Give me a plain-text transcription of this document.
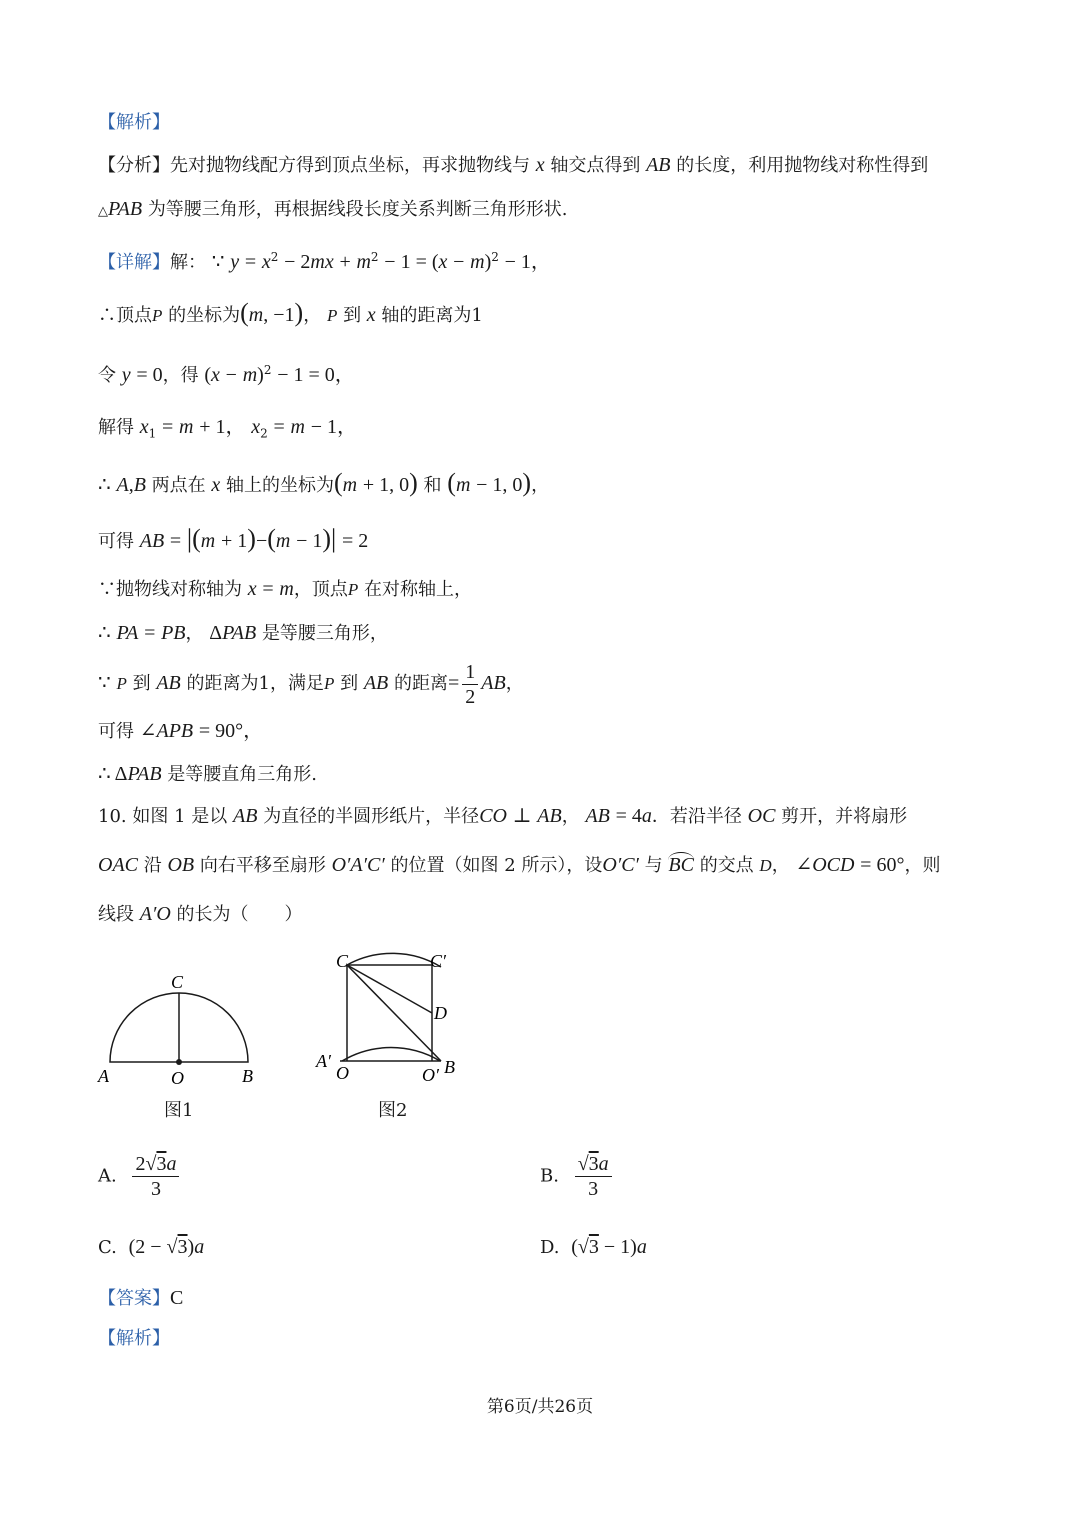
【解析】
【分析】先对抛物线配方得到顶点坐标，再求抛物线与 x 轴交点得到 AB 的长度，利用抛物线对称性得到
△PAB 为等腰三角形，再根据线段长度关系判断三角形形状.
【详解】解： ∵ $y = x^2 - 2mx + m^2 - 1 = (x - m)^2 - 1$，
∴顶点P 的坐标为(m, −1)， P 到 x 轴的距离为1
令 y = 0，得 $(x - m)^2 - 1 = 0$，
解得 $x_1 = m + 1$， $x_2 = m - 1$，
∴ A,B 两点在 x 轴上的坐标为(m + 1, 0) 和 (m − 1, 0)，
可得 AB = |(m + 1)−(m − 1)| = 2
∵抛物线对称轴为 x = m，顶点P 在对称轴上，
∴ PA = PB， ΔPAB 是等腰三角形，
∵ P 到 AB 的距离为1，满足P 到 AB 的距离= $\frac{1}{2}$ AB，
可得 ∠APB = 90°，
∴ ΔPAB 是等腰直角三角形.
10. 如图 1 是以 AB 为直径的半圆形纸片，半径CO ⊥ AB， AB = 4a．若沿半径 OC 剪开，并将扇形
OAC 沿 OB 向右平移至扇形 O′A′C′ 的位置（如图 2 所示），设O′C′ 与 BC 的交点 D， ∠OCD = 60°，则
线段 A′O 的长为（　　）
C
A	O	B
图1
C	C′
D
A′
O	O′ B
图2
A. $\frac{2√3a}{3}$	B. $\frac{√3a}{3}$
C. (2 − √3)a	D. (√3 − 1)a
【答案】C
【解析】
第6页/共26页
